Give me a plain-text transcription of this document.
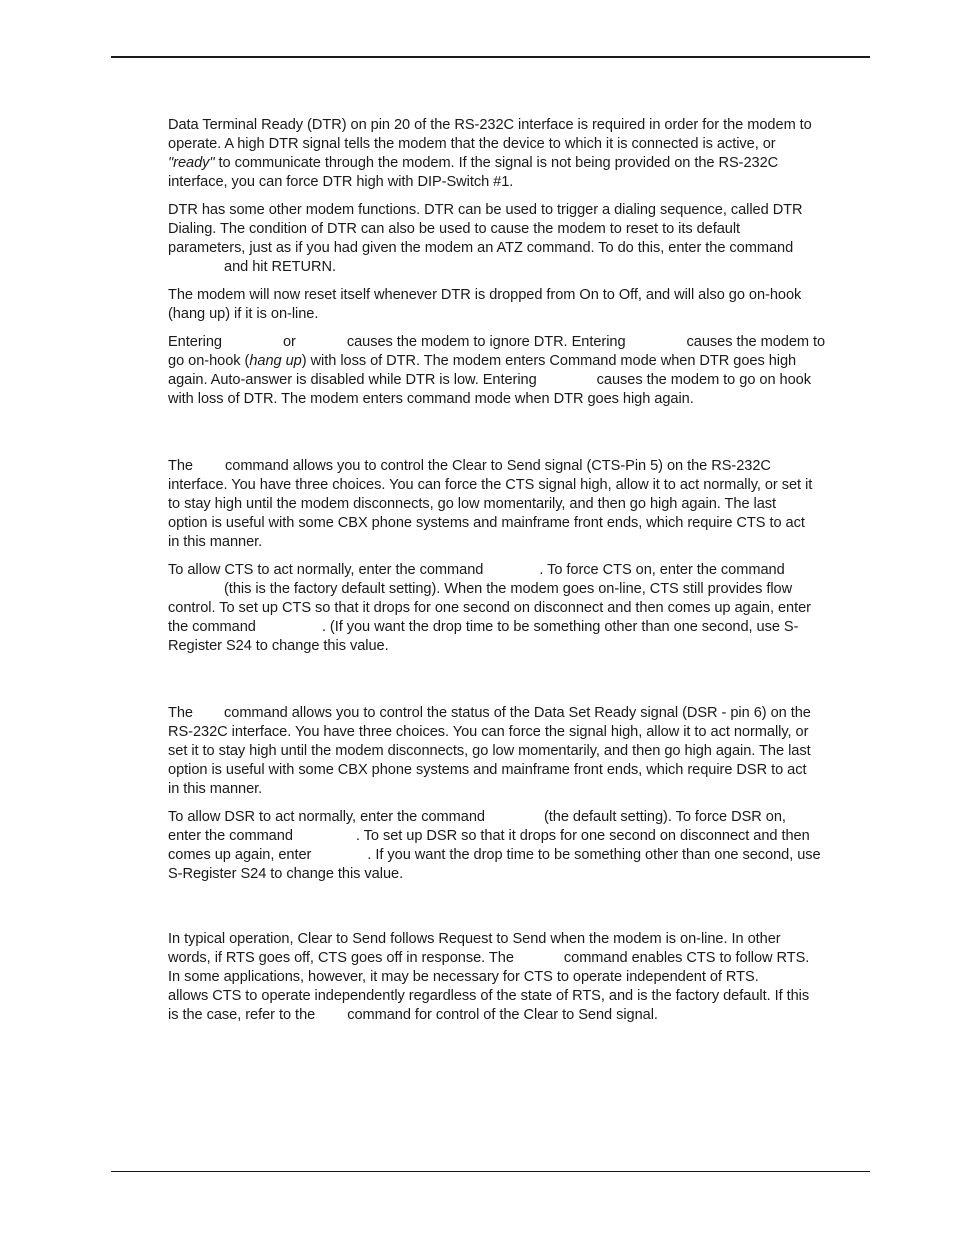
Data Terminal Ready (DTR) on pin 20 of the RS-232C interface is required in order for the modem to
operate. A high DTR signal tells the modem that the device to which it is connected is active, or
"ready" to communicate through the modem. If the signal is not being provided on the RS-232C
interface, you can force DTR high with DIP-Switch #1.

DTR has some other modem functions. DTR can be used to trigger a dialing sequence, called DTR
Dialing. The condition of DTR can also be used to cause the modem to reset to its default
parameters, just as if you had given the modem an ATZ command. To do this, enter the command
and hit RETURN.

The modem will now reset itself whenever DTR is dropped from On to Off, and will also go on-hook
(hang up) if it is on-line.

Entering	or	causes the modem to ignore DTR. Entering	causes the modem to
go on-hook (hang up) with loss of DTR. The modem enters Command mode when DTR goes high
again. Auto-answer is disabled while DTR is low. Entering	causes the modem to go on hook
with loss of DTR. The modem enters command mode when DTR goes high again.

The command allows you to control the Clear to Send signal (CTS-Pin 5) on the RS-232C
interface. You have three choices. You can force the CTS signal high, allow it to act normally, or set it
to stay high until the modem disconnects, go low momentarily, and then go high again. The last
option is useful with some CBX phone systems and mainframe front ends, which require CTS to act
in this manner.

To allow CTS to act normally, enter the command	. To force CTS on, enter the command
(this is the factory default setting). When the modem goes on-line, CTS still provides flow
control. To set up CTS so that it drops for one second on disconnect and then comes up again, enter
the command	. (If you want the drop time to be something other than one second, use S-
Register S24 to change this value.

The command allows you to control the status of the Data Set Ready signal (DSR - pin 6) on the
RS-232C interface. You have three choices. You can force the signal high, allow it to act normally, or
set it to stay high until the modem disconnects, go low momentarily, and then go high again. The last
option is useful with some CBX phone systems and mainframe front ends, which require DSR to act
in this manner.

To allow DSR to act normally, enter the command	(the default setting). To force DSR on,
enter the command	. To set up DSR so that it drops for one second on disconnect and then
comes up again, enter	. If you want the drop time to be something other than one second, use
S-Register S24 to change this value.

In typical operation, Clear to Send follows Request to Send when the modem is on-line. In other
words, if RTS goes off, CTS goes off in response. The	command enables CTS to follow RTS.
In some applications, however, it may be necessary for CTS to operate independent of RTS.
allows CTS to operate independently regardless of the state of RTS, and is the factory default. If this
is the case, refer to the command for control of the Clear to Send signal.
